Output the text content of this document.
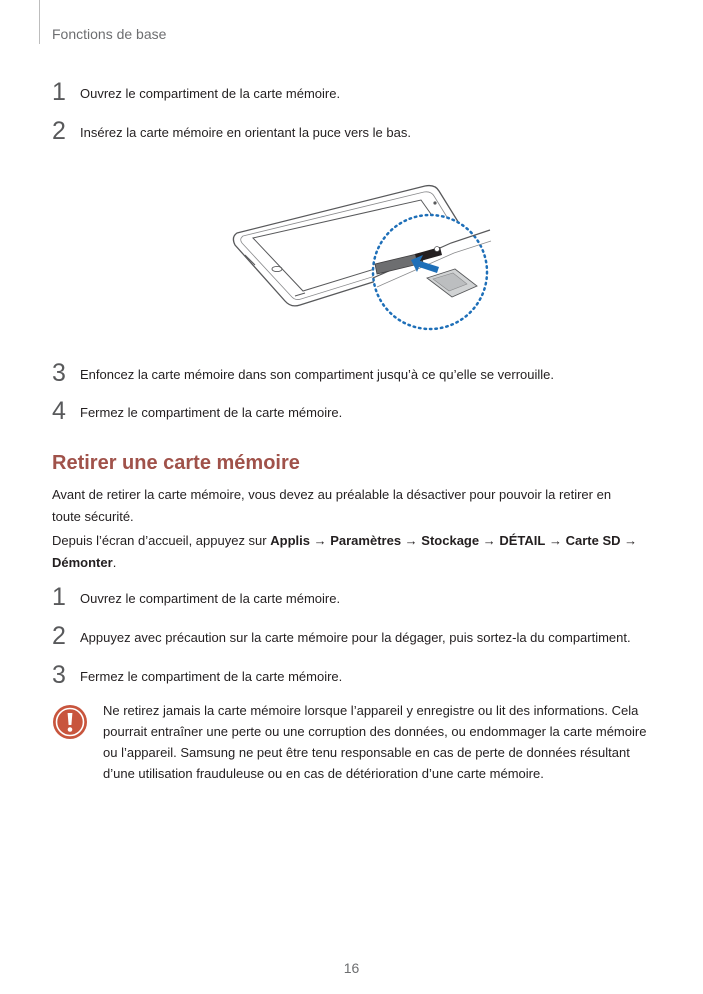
Fonctions de base
1	Ouvrez le compartiment de la carte mémoire.
2	Insérez la carte mémoire en orientant la puce vers le bas.
3	Enfoncez la carte mémoire dans son compartiment jusqu’à ce qu’elle se verrouille.
4	Fermez le compartiment de la carte mémoire.
Retirer une carte mémoire
Avant de retirer la carte mémoire, vous devez au préalable la désactiver pour pouvoir la retirer en toute sécurité.
Depuis l’écran d’accueil, appuyez sur Applis → Paramètres → Stockage → DÉTAIL → Carte SD → Démonter.
1	Ouvrez le compartiment de la carte mémoire.
2	Appuyez avec précaution sur la carte mémoire pour la dégager, puis sortez-la du compartiment.
3	Fermez le compartiment de la carte mémoire.
Ne retirez jamais la carte mémoire lorsque l’appareil y enregistre ou lit des informations. Cela pourrait entraîner une perte ou une corruption des données, ou endommager la carte mémoire ou l’appareil. Samsung ne peut être tenu responsable en cas de perte de données résultant d’une utilisation frauduleuse ou en cas de détérioration d’une carte mémoire.
16
